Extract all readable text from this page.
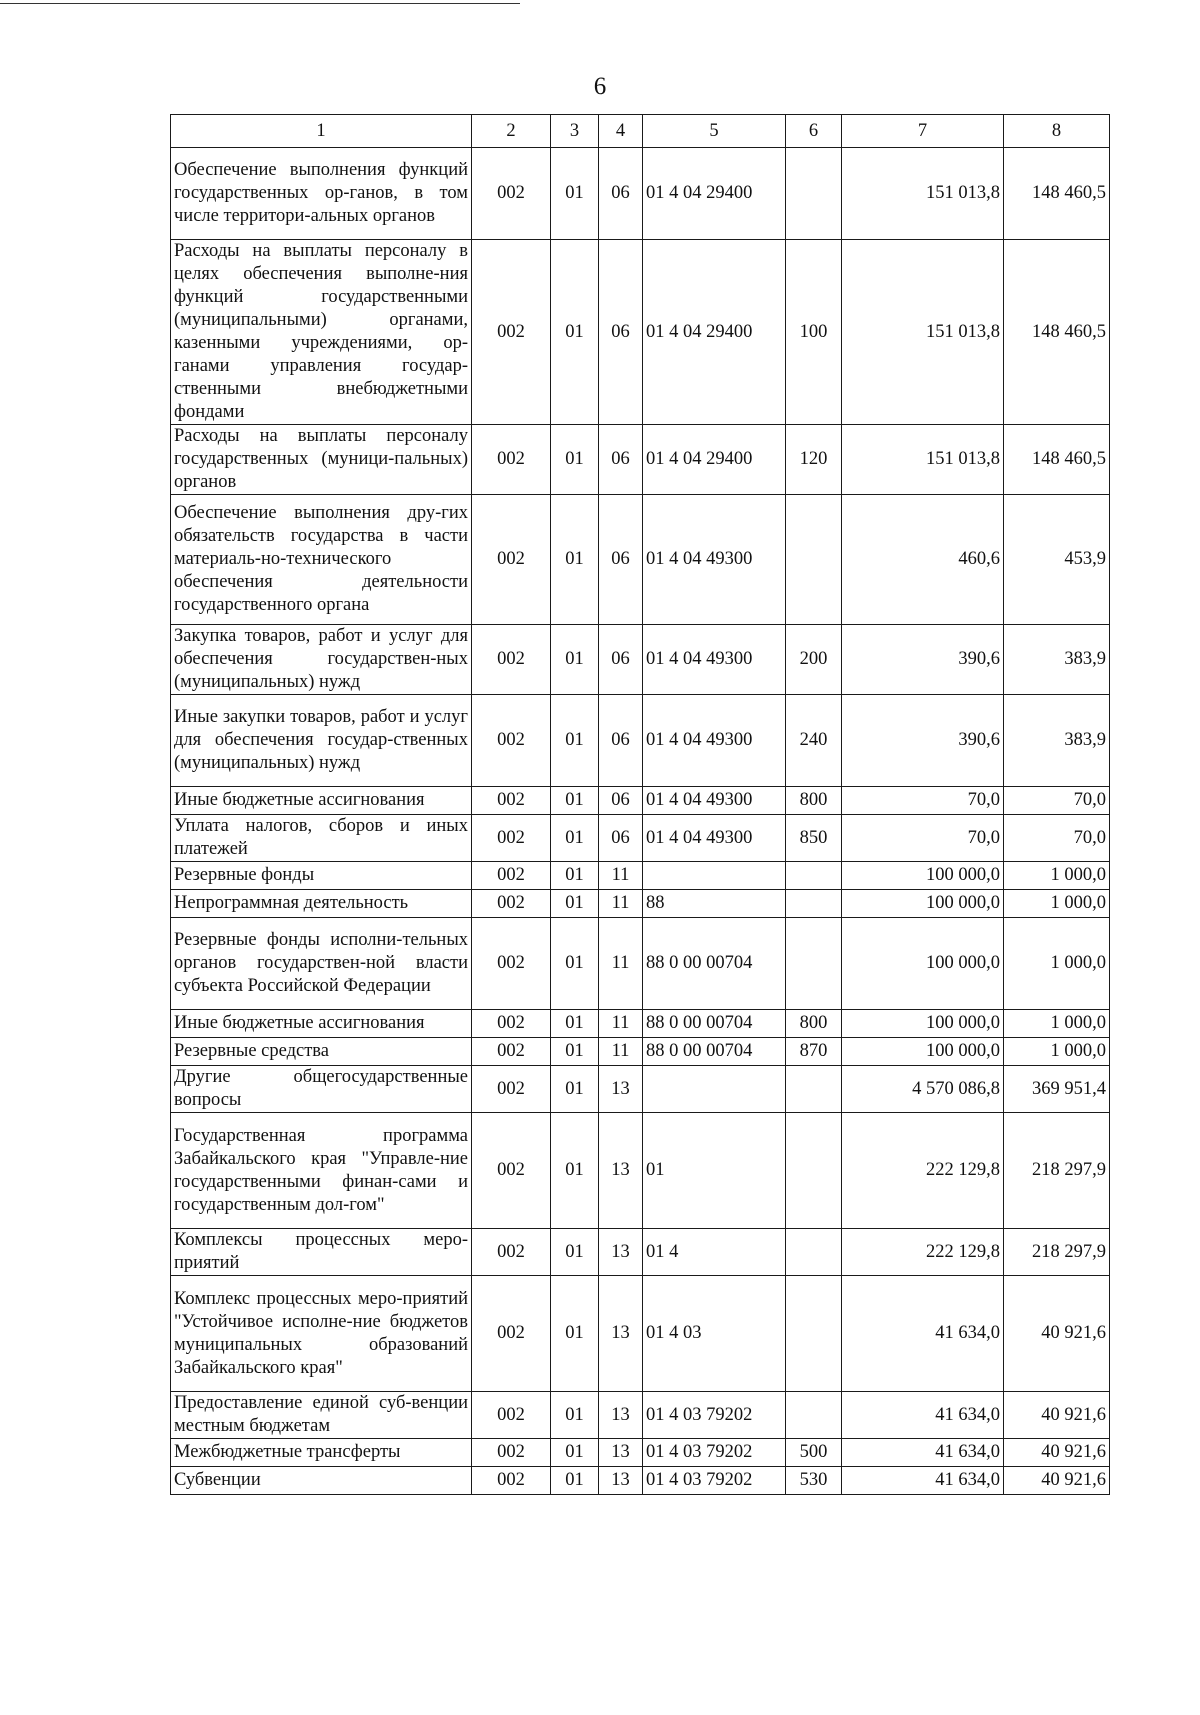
6
1	2	3	4	5	6	7	8
Обеспечение выполнения функций государственных ор-ганов, в том числе территори-альных органов	002	01	06	01 4 04 29400		151 013,8	148 460,5
Расходы на выплаты персоналу в целях обеспечения выполне-ния функций государственными (муниципальными) органами, казенными учреждениями, ор-ганами управления государ-ственными внебюджетными фондами	002	01	06	01 4 04 29400	100	151 013,8	148 460,5
Расходы на выплаты персоналу государственных (муници-пальных) органов	002	01	06	01 4 04 29400	120	151 013,8	148 460,5
Обеспечение выполнения дру-гих обязательств государства в части материаль-но-технического обеспечения деятельности государственного органа	002	01	06	01 4 04 49300		460,6	453,9
Закупка товаров, работ и услуг для обеспечения государствен-ных (муниципальных) нужд	002	01	06	01 4 04 49300	200	390,6	383,9
Иные закупки товаров, работ и услуг для обеспечения государ-ственных (муниципальных) нужд	002	01	06	01 4 04 49300	240	390,6	383,9
Иные бюджетные ассигнования	002	01	06	01 4 04 49300	800	70,0	70,0
Уплата налогов, сборов и иных платежей	002	01	06	01 4 04 49300	850	70,0	70,0
Резервные фонды	002	01	11			100 000,0	1 000,0
Непрограммная деятельность	002	01	11	88		100 000,0	1 000,0
Резервные фонды исполни-тельных органов государствен-ной власти субъекта Российской Федерации	002	01	11	88 0 00 00704		100 000,0	1 000,0
Иные бюджетные ассигнования	002	01	11	88 0 00 00704	800	100 000,0	1 000,0
Резервные средства	002	01	11	88 0 00 00704	870	100 000,0	1 000,0
Другие общегосударственные вопросы	002	01	13			4 570 086,8	369 951,4
Государственная программа Забайкальского края "Управле-ние государственными финан-сами и государственным дол-гом"	002	01	13	01		222 129,8	218 297,9
Комплексы процессных меро-приятий	002	01	13	01 4		222 129,8	218 297,9
Комплекс процессных меро-приятий "Устойчивое исполне-ние бюджетов муниципальных образований Забайкальского края"	002	01	13	01 4 03		41 634,0	40 921,6
Предоставление единой суб-венции местным бюджетам	002	01	13	01 4 03 79202		41 634,0	40 921,6
Межбюджетные трансферты	002	01	13	01 4 03 79202	500	41 634,0	40 921,6
Субвенции	002	01	13	01 4 03 79202	530	41 634,0	40 921,6
